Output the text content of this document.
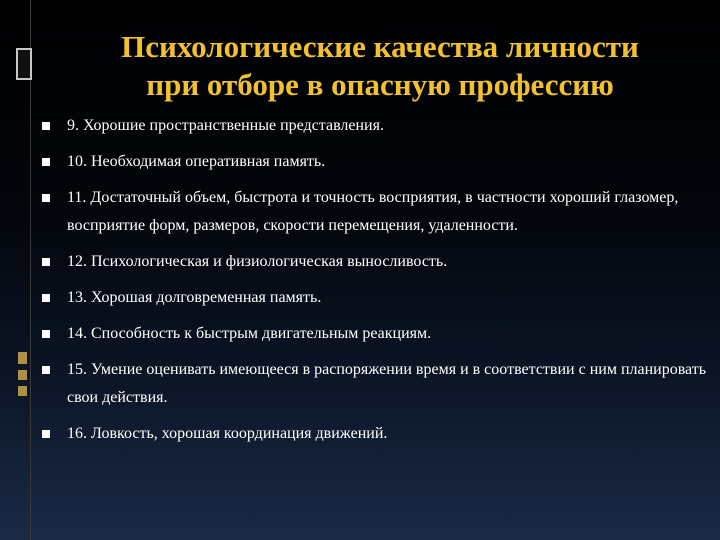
Психологические качества личности
при отборе в опасную профессию
9. Хорошие пространственные представления.
10. Необходимая оперативная память.
11. Достаточный объем, быстрота и точность восприятия, в частности хороший глазомер, восприятие форм, размеров, скорости перемещения, удаленности.
12. Психологическая и физиологическая выносливость.
13. Хорошая долговременная память.
14. Способность к быстрым двигательным реакциям.
15. Умение оценивать имеющееся в распоряжении время и в соответствии с ним планировать свои действия.
16. Ловкость, хорошая координация движений.
